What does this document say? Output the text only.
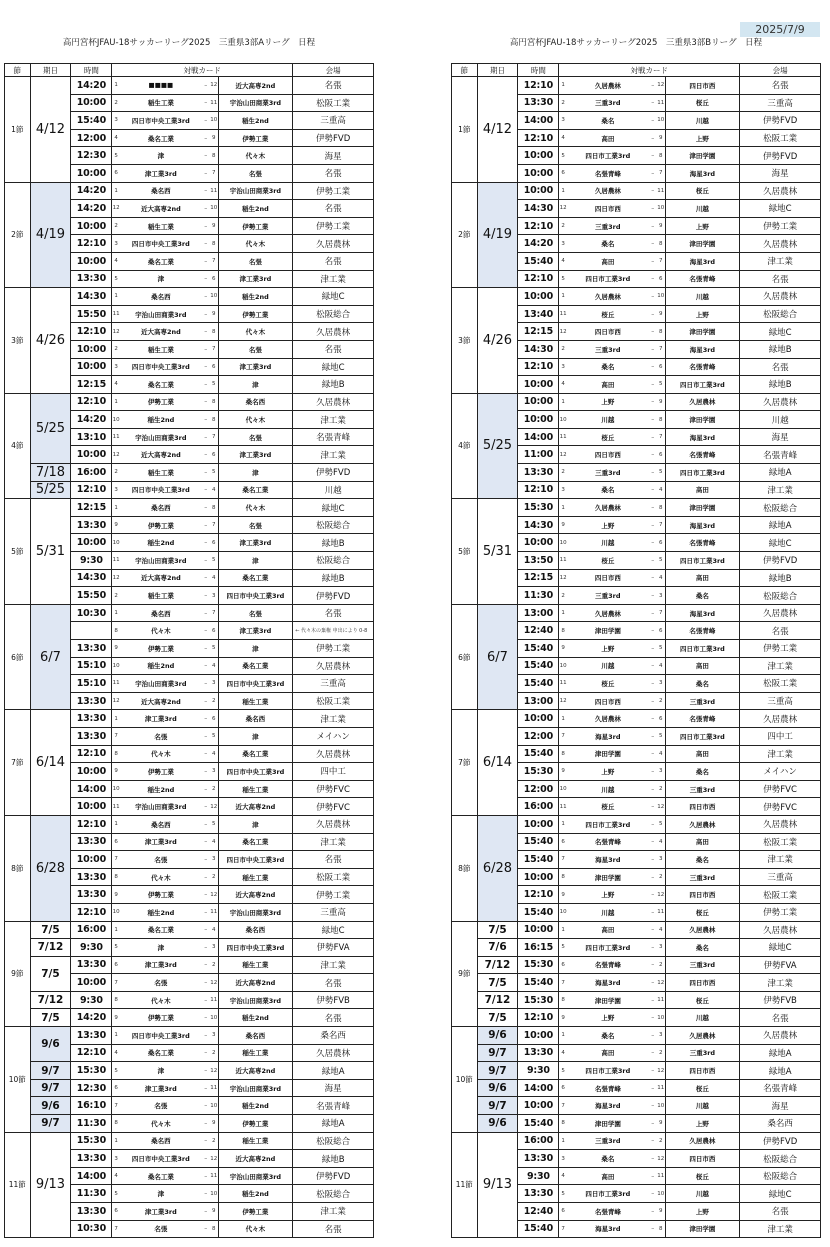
2025/7/9
高円宮杯JFAU-18サッカーリーグ2025　三重県3部Aリーグ　日程
節	期日	時間	対戦カード					会場
1節	4/12	14:20	1	■■■■	–	12	近大高専2nd	名張
		10:00	2	稲生工業	–	11	宇治山田商業3rd	松阪工業
		15:40	3	四日市中央工業3rd	–	10	稲生2nd	三重高
		12:00	4	桑名工業	–	9	伊勢工業	伊勢FVD
		12:30	5	津	–	8	代々木	海星
		10:00	6	津工業3rd	–	7	名張	名張
2節	4/19	14:20	1	桑名西	–	11	宇治山田商業3rd	伊勢工業
		14:20	12	近大高専2nd	–	10	稲生2nd	名張
		10:00	2	稲生工業	–	9	伊勢工業	伊勢工業
		12:10	3	四日市中央工業3rd	–	8	代々木	久居農林
		10:00	4	桑名工業	–	7	名張	名張
		13:30	5	津	–	6	津工業3rd	津工業
3節	4/26	14:30	1	桑名西	–	10	稲生2nd	緑地C
		15:50	11	宇治山田商業3rd	–	9	伊勢工業	松阪総合
		12:10	12	近大高専2nd	–	8	代々木	久居農林
		10:00	2	稲生工業	–	7	名張	名張
		10:00	3	四日市中央工業3rd	–	6	津工業3rd	緑地C
		12:15	4	桑名工業	–	5	津	緑地B
4節	5/25	12:10	1	伊勢工業	–	8	桑名西	久居農林
		14:20	10	稲生2nd	–	8	代々木	津工業
		13:10	11	宇治山田商業3rd	–	7	名張	名張青峰
		10:00	12	近大高専2nd	–	6	津工業3rd	津工業
	7/18	16:00	2	稲生工業	–	5	津	伊勢FVD
	5/25	12:10	3	四日市中央工業3rd	–	4	桑名工業	川越
5節	5/31	12:15	1	桑名西	–	8	代々木	緑地C
		13:30	9	伊勢工業	–	7	名張	松阪総合
		10:00	10	稲生2nd	–	6	津工業3rd	緑地B
		9:30	11	宇治山田商業3rd	–	5	津	松阪総合
		14:30	12	近大高専2nd	–	4	桑名工業	緑地B
		15:50	2	稲生工業	–	3	四日市中央工業3rd	伊勢FVD
6節	6/7	10:30	1	桑名西	–	7	名張	名張
			8	代々木	–	6	津工業3rd	← 代々木の棄権 申出により 0-8
		13:30	9	伊勢工業	–	5	津	伊勢工業
		15:10	10	稲生2nd	–	4	桑名工業	久居農林
		15:10	11	宇治山田商業3rd	–	3	四日市中央工業3rd	三重高
		13:30	12	近大高専2nd	–	2	稲生工業	松阪工業
7節	6/14	13:30	1	津工業3rd	–	6	桑名西	津工業
		13:30	7	名張	–	5	津	メイハン
		12:10	8	代々木	–	4	桑名工業	久居農林
		10:00	9	伊勢工業	–	3	四日市中央工業3rd	四中工
		14:00	10	稲生2nd	–	2	稲生工業	伊勢FVC
		10:00	11	宇治山田商業3rd	–	12	近大高専2nd	伊勢FVC
8節	6/28	12:10	1	桑名西	–	5	津	久居農林
		13:30	6	津工業3rd	–	4	桑名工業	津工業
		10:00	7	名張	–	3	四日市中央工業3rd	名張
		13:30	8	代々木	–	2	稲生工業	松阪工業
		13:30	9	伊勢工業	–	12	近大高専2nd	伊勢工業
		12:10	10	稲生2nd	–	11	宇治山田商業3rd	三重高
9節	7/5	16:00	1	桑名工業	–	4	桑名西	緑地C
	7/12	9:30	5	津	–	3	四日市中央工業3rd	伊勢FVA
	7/5	13:30	6	津工業3rd	–	2	稲生工業	津工業
		10:00	7	名張	–	12	近大高専2nd	名張
	7/12	9:30	8	代々木	–	11	宇治山田商業3rd	伊勢FVB
	7/5	14:20	9	伊勢工業	–	10	稲生2nd	名張
10節	9/6	13:30	1	四日市中央工業3rd	–	3	桑名西	桑名西
		12:10	4	桑名工業	–	2	稲生工業	久居農林
	9/7	15:30	5	津	–	12	近大高専2nd	緑地A
	9/7	12:30	6	津工業3rd	–	11	宇治山田商業3rd	海星
	9/6	16:10	7	名張	–	10	稲生2nd	名張青峰
	9/7	11:30	8	代々木	–	9	伊勢工業	緑地A
11節	9/13	15:30	1	桑名西	–	2	稲生工業	松阪総合
		13:30	3	四日市中央工業3rd	–	12	近大高専2nd	緑地B
		14:00	4	桑名工業	–	11	宇治山田商業3rd	伊勢FVD
		11:30	5	津	–	10	稲生2nd	松阪総合
		13:30	6	津工業3rd	–	9	伊勢工業	津工業
		10:30	7	名張	–	8	代々木	名張
高円宮杯JFAU-18サッカーリーグ2025　三重県3部Bリーグ　日程
節	期日	時間	対戦カード					会場
1節	4/12	12:10	1	久居農林	–	12	四日市西	名張
		13:30	2	三重3rd	–	11	桜丘	三重高
		14:00	3	桑名	–	10	川越	伊勢FVD
		12:10	4	高田	–	9	上野	松阪工業
		10:00	5	四日市工業3rd	–	8	津田学園	伊勢FVD
		10:00	6	名張青峰	–	7	海星3rd	海星
2節	4/19	10:00	1	久居農林	–	11	桜丘	久居農林
		14:30	12	四日市西	–	10	川越	緑地C
		12:10	2	三重3rd	–	9	上野	伊勢工業
		14:20	3	桑名	–	8	津田学園	久居農林
		15:40	4	高田	–	7	海星3rd	津工業
		12:10	5	四日市工業3rd	–	6	名張青峰	名張
3節	4/26	10:00	1	久居農林	–	10	川越	久居農林
		13:40	11	桜丘	–	9	上野	松阪総合
		12:15	12	四日市西	–	8	津田学園	緑地C
		14:30	2	三重3rd	–	7	海星3rd	緑地B
		12:10	3	桑名	–	6	名張青峰	名張
		10:00	4	高田	–	5	四日市工業3rd	緑地B
4節	5/25	10:00	1	上野	–	9	久居農林	久居農林
		10:00	10	川越	–	8	津田学園	川越
		14:00	11	桜丘	–	7	海星3rd	海星
		11:00	12	四日市西	–	6	名張青峰	名張青峰
		13:30	2	三重3rd	–	5	四日市工業3rd	緑地A
		12:10	3	桑名	–	4	高田	津工業
5節	5/31	15:30	1	久居農林	–	8	津田学園	松阪総合
		14:30	9	上野	–	7	海星3rd	緑地A
		10:00	10	川越	–	6	名張青峰	緑地C
		13:50	11	桜丘	–	5	四日市工業3rd	伊勢FVD
		12:15	12	四日市西	–	4	高田	緑地B
		11:30	2	三重3rd	–	3	桑名	松阪総合
6節	6/7	13:00	1	久居農林	–	7	海星3rd	久居農林
		12:40	8	津田学園	–	6	名張青峰	名張
		15:40	9	上野	–	5	四日市工業3rd	伊勢工業
		15:40	10	川越	–	4	高田	津工業
		15:40	11	桜丘	–	3	桑名	松阪工業
		13:00	12	四日市西	–	2	三重3rd	三重高
7節	6/14	10:00	1	久居農林	–	6	名張青峰	久居農林
		12:00	7	海星3rd	–	5	四日市工業3rd	四中工
		15:40	8	津田学園	–	4	高田	津工業
		15:30	9	上野	–	3	桑名	メイハン
		12:00	10	川越	–	2	三重3rd	伊勢FVC
		16:00	11	桜丘	–	12	四日市西	伊勢FVC
8節	6/28	10:00	1	四日市工業3rd	–	5	久居農林	久居農林
		15:40	6	名張青峰	–	4	高田	松阪工業
		15:40	7	海星3rd	–	3	桑名	津工業
		10:00	8	津田学園	–	2	三重3rd	三重高
		12:10	9	上野	–	12	四日市西	松阪工業
		15:40	10	川越	–	11	桜丘	伊勢工業
9節	7/5	10:00	1	高田	–	4	久居農林	久居農林
	7/6	16:15	5	四日市工業3rd	–	3	桑名	緑地C
	7/12	15:30	6	名張青峰	–	2	三重3rd	伊勢FVA
	7/5	15:40	7	海星3rd	–	12	四日市西	津工業
	7/12	15:30	8	津田学園	–	11	桜丘	伊勢FVB
	7/5	12:10	9	上野	–	10	川越	名張
10節	9/6	10:00	1	桑名	–	3	久居農林	久居農林
	9/7	13:30	4	高田	–	2	三重3rd	緑地A
	9/7	9:30	5	四日市工業3rd	–	12	四日市西	緑地A
	9/6	14:00	6	名張青峰	–	11	桜丘	名張青峰
	9/7	10:00	7	海星3rd	–	10	川越	海星
	9/6	15:40	8	津田学園	–	9	上野	桑名西
11節	9/13	16:00	1	三重3rd	–	2	久居農林	伊勢FVD
		13:30	3	桑名	–	12	四日市西	松阪総合
		9:30	4	高田	–	11	桜丘	松阪総合
		13:30	5	四日市工業3rd	–	10	川越	緑地C
		12:40	6	名張青峰	–	9	上野	名張
		15:40	7	海星3rd	–	8	津田学園	津工業
